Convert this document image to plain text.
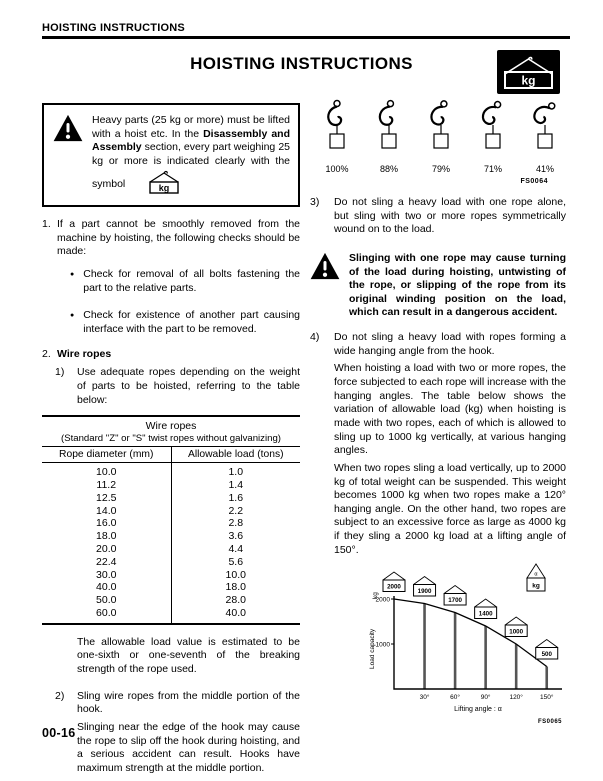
HOISTING INSTRUCTIONS
HOISTING INSTRUCTIONS
kg
Heavy parts (25 kg or more) must be lifted with a hoist etc. In the Disassembly and Assembly section, every part weighing 25 kg or more is indicated clearly with the symbol	kg
1. If a part cannot be smoothly removed from the machine by hoisting, the following checks should be made:
● Check for removal of all bolts fastening the part to the relative parts.
● Check for existence of another part causing interface with the part to be removed.
2. Wire ropes
1)	Use adequate ropes depending on the weight of parts to be hoisted, referring to the table below:
Wire ropes
(Standard "Z" or "S" twist ropes without galvanizing)
Rope diameter (mm)	Allowable load (tons)
10.0	1.0
11.2	1.4
12.5	1.6
14.0	2.2
16.0	2.8
18.0	3.6
20.0	4.4
22.4	5.6
30.0	10.0
40.0	18.0
50.0	28.0
60.0	40.0
The allowable load value is estimated to be one-sixth or one-seventh of the breaking strength of the rope used.
2)	Sling wire ropes from the middle portion of the hook.
Slinging near the edge of the hook may cause the rope to slip off the hook during hoisting, and a serious accident can result. Hooks have maximum strength at the middle portion.
100%	88%	79%	71%	41%
FS0064
3)	Do not sling a heavy load with one rope alone, but sling with two or more ropes symmetrically wound on to the load.
Slinging with one rope may cause turning of the load during hoisting, untwisting of the rope, or slipping of the rope from its original winding position on the load, which can result in a dangerous accident.
4)	Do not sling a heavy load with ropes forming a wide hanging angle from the hook.
When hoisting a load with two or more ropes, the force subjected to each rope will increase with the hanging angles. The table below shows the variation of allowable load (kg) when hoisting is made with two ropes, each of which is allowed to sling up to 1000 kg vertically, at various hanging angles.
When two ropes sling a load vertically, up to 2000 kg of total weight can be suspended. This weight becomes 1000 kg when two ropes make a 120° hanging angle. On the other hand, two ropes are subject to an excessive force as large as 4000 kg if they sling a 2000 kg load at a lifting angle of 150°.
1000
2000
kg
Load capacity
30°	60°	90°	120°	150°
Lifting angle : α
2000
1900
1700
1400
1000
500
α
kg
FS0065
00-16
